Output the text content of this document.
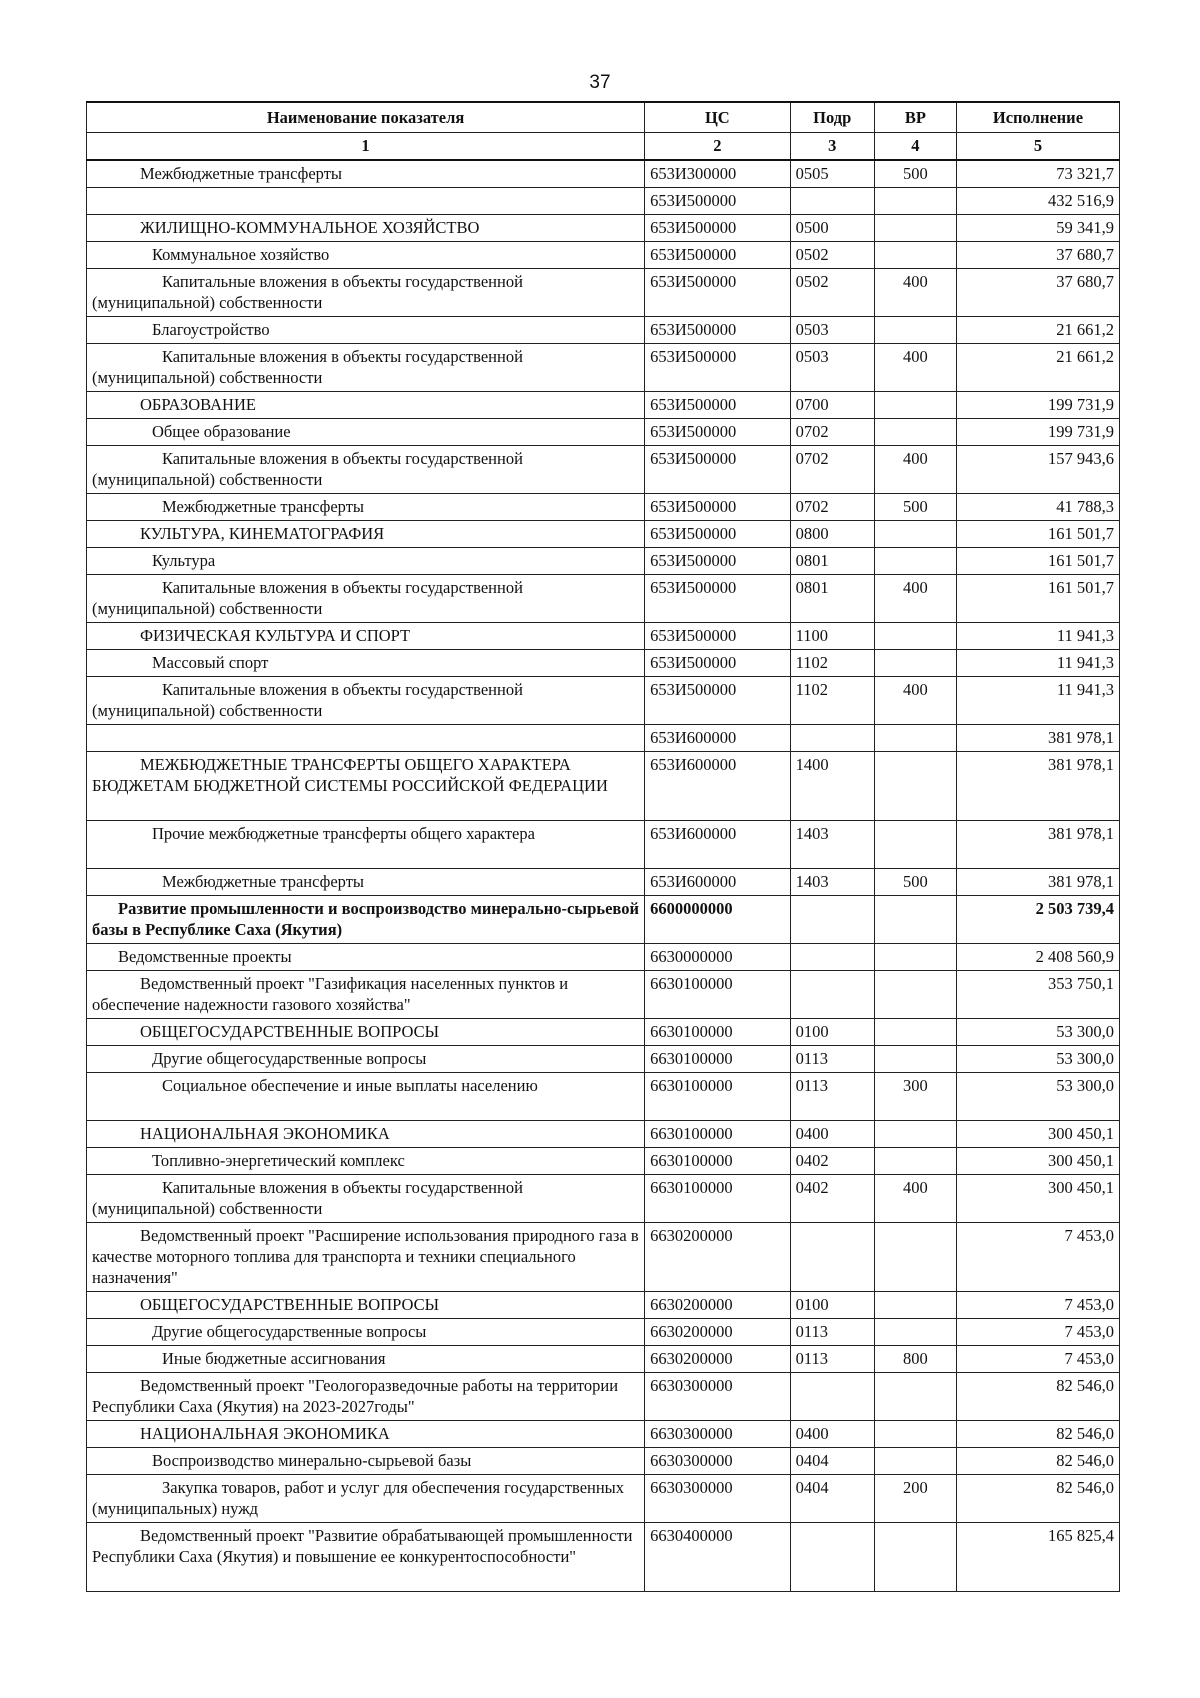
37
Наименование показателя	ЦС	Подр	ВР	Исполнение
1	2	3	4	5
Межбюджетные трансферты	653И300000	0505	500	73 321,7
	653И500000			432 516,9
ЖИЛИЩНО-КОММУНАЛЬНОЕ ХОЗЯЙСТВО	653И500000	0500		59 341,9
Коммунальное хозяйство	653И500000	0502		37 680,7
Капитальные вложения в объекты государственной (муниципальной) собственности	653И500000	0502	400	37 680,7
Благоустройство	653И500000	0503		21 661,2
Капитальные вложения в объекты государственной (муниципальной) собственности	653И500000	0503	400	21 661,2
ОБРАЗОВАНИЕ	653И500000	0700		199 731,9
Общее образование	653И500000	0702		199 731,9
Капитальные вложения в объекты государственной (муниципальной) собственности	653И500000	0702	400	157 943,6
Межбюджетные трансферты	653И500000	0702	500	41 788,3
КУЛЬТУРА, КИНЕМАТОГРАФИЯ	653И500000	0800		161 501,7
Культура	653И500000	0801		161 501,7
Капитальные вложения в объекты государственной (муниципальной) собственности	653И500000	0801	400	161 501,7
ФИЗИЧЕСКАЯ КУЛЬТУРА И СПОРТ	653И500000	1100		11 941,3
Массовый спорт	653И500000	1102		11 941,3
Капитальные вложения в объекты государственной (муниципальной) собственности	653И500000	1102	400	11 941,3
	653И600000			381 978,1
МЕЖБЮДЖЕТНЫЕ ТРАНСФЕРТЫ ОБЩЕГО ХАРАКТЕРА БЮДЖЕТАМ БЮДЖЕТНОЙ СИСТЕМЫ РОССИЙСКОЙ ФЕДЕРАЦИИ	653И600000	1400		381 978,1
Прочие межбюджетные трансферты общего характера	653И600000	1403		381 978,1
Межбюджетные трансферты	653И600000	1403	500	381 978,1
Развитие промышленности и воспроизводство минерально-сырьевой базы в Республике Саха (Якутия)	6600000000			2 503 739,4
Ведомственные проекты	6630000000			2 408 560,9
Ведомственный проект "Газификация населенных пунктов и обеспечение надежности газового хозяйства"	6630100000			353 750,1
ОБЩЕГОСУДАРСТВЕННЫЕ ВОПРОСЫ	6630100000	0100		53 300,0
Другие общегосударственные вопросы	6630100000	0113		53 300,0
Социальное обеспечение и иные выплаты населению	6630100000	0113	300	53 300,0
НАЦИОНАЛЬНАЯ ЭКОНОМИКА	6630100000	0400		300 450,1
Топливно-энергетический комплекс	6630100000	0402		300 450,1
Капитальные вложения в объекты государственной (муниципальной) собственности	6630100000	0402	400	300 450,1
Ведомственный проект "Расширение использования природного газа в качестве моторного топлива для транспорта и техники специального назначения"	6630200000			7 453,0
ОБЩЕГОСУДАРСТВЕННЫЕ ВОПРОСЫ	6630200000	0100		7 453,0
Другие общегосударственные вопросы	6630200000	0113		7 453,0
Иные бюджетные ассигнования	6630200000	0113	800	7 453,0
Ведомственный проект "Геологоразведочные работы на территории Республики Саха (Якутия) на 2023-2027годы"	6630300000			82 546,0
НАЦИОНАЛЬНАЯ ЭКОНОМИКА	6630300000	0400		82 546,0
Воспроизводство минерально-сырьевой базы	6630300000	0404		82 546,0
Закупка товаров, работ и услуг для обеспечения государственных (муниципальных) нужд	6630300000	0404	200	82 546,0
Ведомственный проект "Развитие обрабатывающей промышленности Республики Саха (Якутия) и повышение ее конкурентоспособности"	6630400000			165 825,4
